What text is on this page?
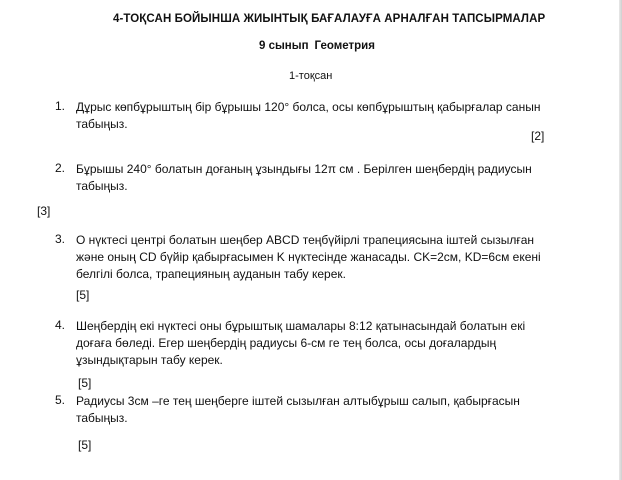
4-ТОҚСАН БОЙЫНША ЖИЫНТЫҚ БАҒАЛАУҒА АРНАЛҒАН ТАПСЫРМАЛАР
9 сынып Геометрия
1-тоқсан
1. Дұрыс көпбұрыштың бір бұрышы 120° болса, осы көпбұрыштың қабырғалар санын
табыңыз.
[2]
2. Бұрышы 240° болатын доғаның ұзындығы 12π см . Берілген шеңбердің радиусын
табыңыз.
[3]
3. О нүктесі центрі болатын шеңбер ABCD теңбүйірлі трапециясына іштей сызылған
және оның CD бүйір қабырғасымен K нүктесінде жанасады. CK=2см, KD=6см екені
белгілі болса, трапецияның ауданын табу керек.
[5]
4. Шеңбердің екі нүктесі оны бұрыштық шамалары 8:12 қатынасындай болатын екі
доғаға бөледі. Егер шеңбердің радиусы 6-см ге тең болса, осы доғалардың
ұзындықтарын табу керек.
[5]
5. Радиусы 3см –ге тең шеңберге іштей сызылған алтыбұрыш салып, қабырғасын
табыңыз.
[5]
